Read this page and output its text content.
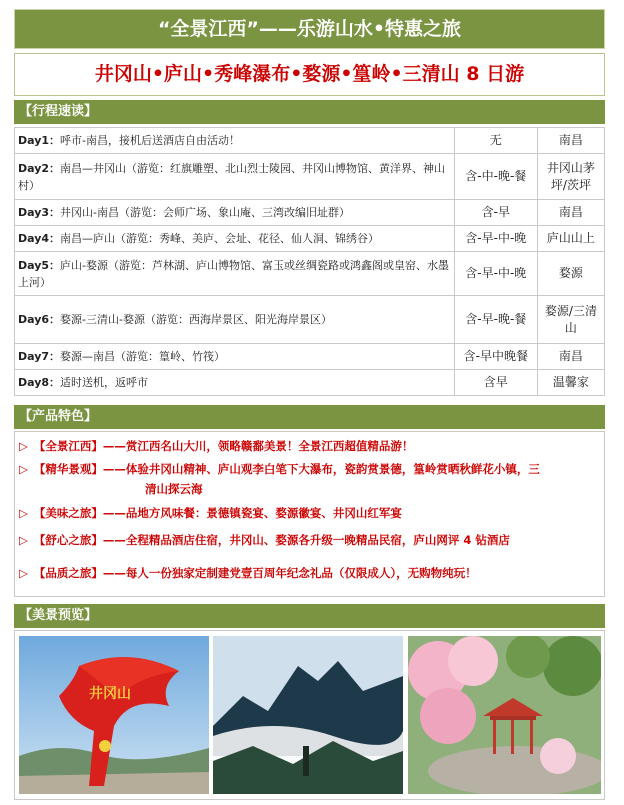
“全景江西”——乐游山水•特惠之旅
井冈山•庐山•秀峰瀑布•婺源•篁岭•三清山 8 日游
【行程速读】
Day1：呼市-南昌，接机后送酒店自由活动！	无	南昌
Day2：南昌—井冈山（游览：红旗雕塑、北山烈士陵园、井冈山博物馆、黄洋界、神山村）	含-中-晚-餐	井冈山茅坪/茨坪
Day3：井冈山-南昌（游览：会师广场、象山庵、三湾改编旧址群）	含-早	南昌
Day4：南昌—庐山（游览：秀峰、美庐、会址、花径、仙人洞、锦绣谷）	含-早-中-晚	庐山山上
Day5：庐山-婺源（游览：芦林湖、庐山博物馆、富玉或丝绸瓷路或鸿鑫阁或皇窑、水墨上河）	含-早-中-晚	婺源
Day6：婺源-三清山-婺源（游览：西海岸景区、阳光海岸景区）	含-早-晚-餐	婺源/三清山
Day7：婺源—南昌（游览：篁岭、竹筏）	含-早中晚餐	南昌
Day8：适时送机，返呼市	含早	温馨家
【产品特色】
▷ 【全景江西】——赏江西名山大川，领略赣鄱美景！全景江西超值精品游！
▷ 【精华景观】——体验井冈山精神、庐山观李白笔下大瀑布，瓷韵赏景德，篁岭赏晒秋鲜花小镇，三
清山探云海
▷ 【美味之旅】——品地方风味餐：景德镇瓷宴、婺源徽宴、井冈山红军宴
▷ 【舒心之旅】——全程精品酒店住宿，井冈山、婺源各升级一晚精品民宿，庐山网评 4 钻酒店
▷ 【品质之旅】——每人一份独家定制建党壹百周年纪念礼品（仅限成人），无购物纯玩！
【美景预览】
井冈山
